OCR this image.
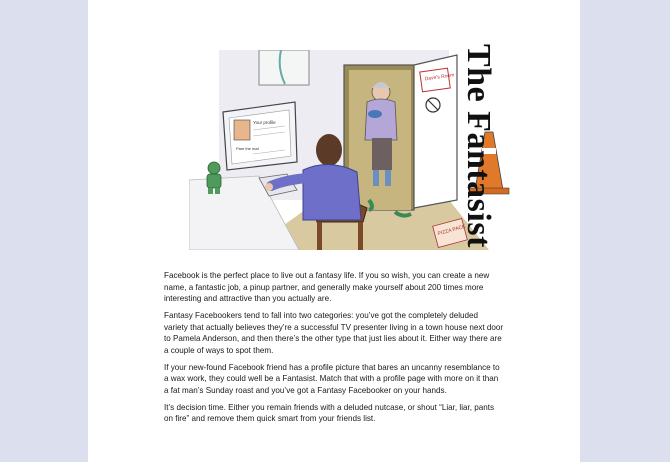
Dave's Room
PIZZA PACE
Your profile
Pam the mat	The Fantasist

Facebook is the perfect place to live out a fantasy life. If you so wish, you can create a new name, a fantastic job, a pinup partner, and generally make yourself about 200 times more interesting and attractive than you actually are.

Fantasy Facebookers tend to fall into two categories: you’ve got the completely deluded variety that actually believes they’re a successful TV presenter living in a town house next door to Pamela Anderson, and then there’s the other type that just lies about it. Either way there are a couple of ways to spot them.

If your new-found Facebook friend has a profile picture that bares an uncanny resemblance to a wax work, they could well be a Fantasist. Match that with a profile page with more on it than a fat man’s Sunday roast and you’ve got a Fantasy Facebooker on your hands.

It’s decision time. Either you remain friends with a deluded nutcase, or shout “Liar, liar, pants on fire” and remove them quick smart from your friends list.
